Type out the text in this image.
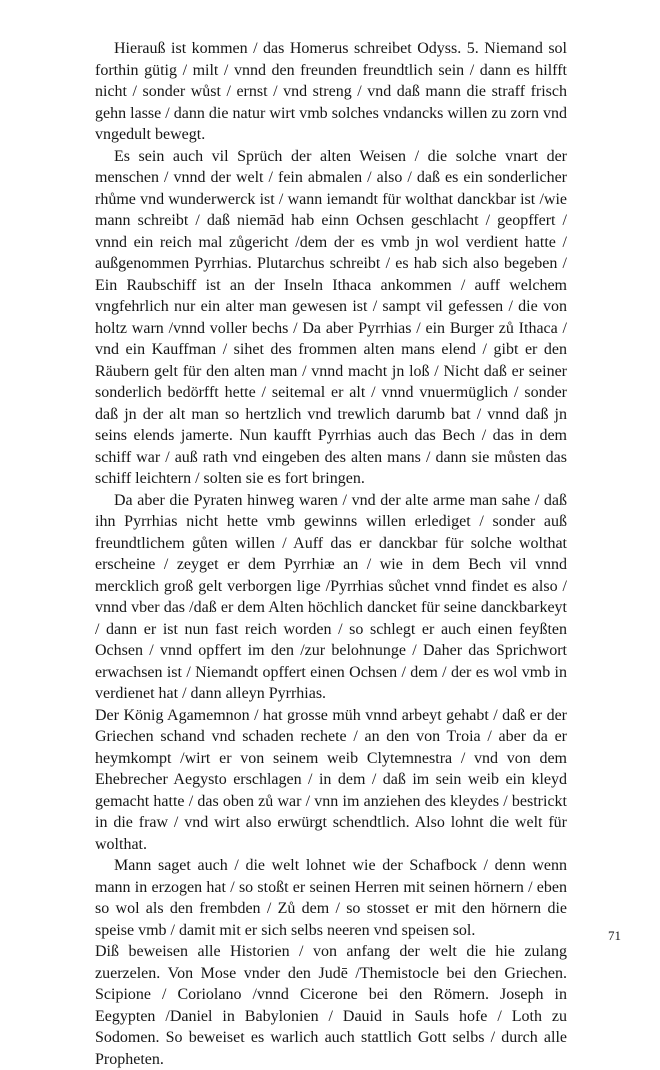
Hierauß ist kommen / das Homerus schreibet Odyss. 5. Niemand sol forthin gütig / milt / vnnd den freunden freundtlich sein / dann es hilfft nicht / sonder wůst / ernst / vnd streng / vnd daß mann die straff frisch gehn lasse / dann die natur wirt vmb solches vndancks willen zu zorn vnd vngedult bewegt.

Es sein auch vil Sprüch der alten Weisen / die solche vnart der menschen / vnnd der welt / fein abmalen / also / daß es ein sonderlicher rhůme vnd wunderwerck ist / wann iemandt für wolthat danckbar ist /wie mann schreibt / daß niemād hab einn Ochsen geschlacht / geopffert / vnnd ein reich mal zůgericht /dem der es vmb jn wol verdient hatte / außgenommen Pyrrhias. Plutarchus schreibt / es hab sich also begeben / Ein Raubschiff ist an der Inseln Ithaca ankommen / auff welchem vngfehrlich nur ein alter man gewesen ist / sampt vil gefessen / die von holtz warn /vnnd voller bechs / Da aber Pyrrhias / ein Burger zů Ithaca / vnd ein Kauffman / sihet des frommen alten mans elend / gibt er den Räubern gelt für den alten man / vnnd macht jn loß / Nicht daß er seiner sonderlich bedörfft hette / seitemal er alt / vnnd vnuermüglich / sonder daß jn der alt man so hertzlich vnd trewlich darumb bat / vnnd daß jn seins elends jamerte. Nun kaufft Pyrrhias auch das Bech / das in dem schiff war / auß rath vnd eingeben des alten mans / dann sie můsten das schiff leichtern / solten sie es fort bringen.

Da aber die Pyraten hinweg waren / vnd der alte arme man sahe / daß ihn Pyrrhias nicht hette vmb gewinns willen erlediget / sonder auß freundtlichem gůten willen / Auff das er danckbar für solche wolthat erscheine / zeyget er dem Pyrrhiæ an / wie in dem Bech vil vnnd mercklich groß gelt verborgen lige /Pyrrhias sůchet vnnd findet es also / vnnd vber das /daß er dem Alten höchlich dancket für seine danckbarkeyt / dann er ist nun fast reich worden / so schlegt er auch einen feyßten Ochsen / vnnd opffert im den /zur belohnunge / Daher das Sprichwort erwachsen ist / Niemandt opffert einen Ochsen / dem / der es wol vmb in verdienet hat / dann alleyn Pyrrhias.

Der König Agamemnon / hat grosse müh vnnd arbeyt gehabt / daß er der Griechen schand vnd schaden rechete / an den von Troia / aber da er heymkompt /wirt er von seinem weib Clytemnestra / vnd von dem Ehebrecher Aegysto erschlagen / in dem / daß im sein weib ein kleyd gemacht hatte / das oben zů war / vnn im anziehen des kleydes / bestrickt in die fraw / vnd wirt also erwürgt schendtlich. Also lohnt die welt für wolthat.

Mann saget auch / die welt lohnet wie der Schafbock / denn wenn mann in erzogen hat / so stoßt er seinen Herren mit seinen hörnern / eben so wol als den frembden / Zů dem / so stosset er mit den hörnern die speise vmb / damit mit er sich selbs neeren vnd speisen sol.

Diß beweisen alle Historien / von anfang der welt die hie zulang zuerzelen. Von Mose vnder den Judē /Themistocle bei den Griechen. Scipione / Coriolano /vnnd Cicerone bei den Römern. Joseph in Eegypten /Daniel in Babylonien / Dauid in Sauls hofe / Loth zu Sodomen. So beweiset es warlich auch stattlich Gott selbs / durch alle Propheten.

71
